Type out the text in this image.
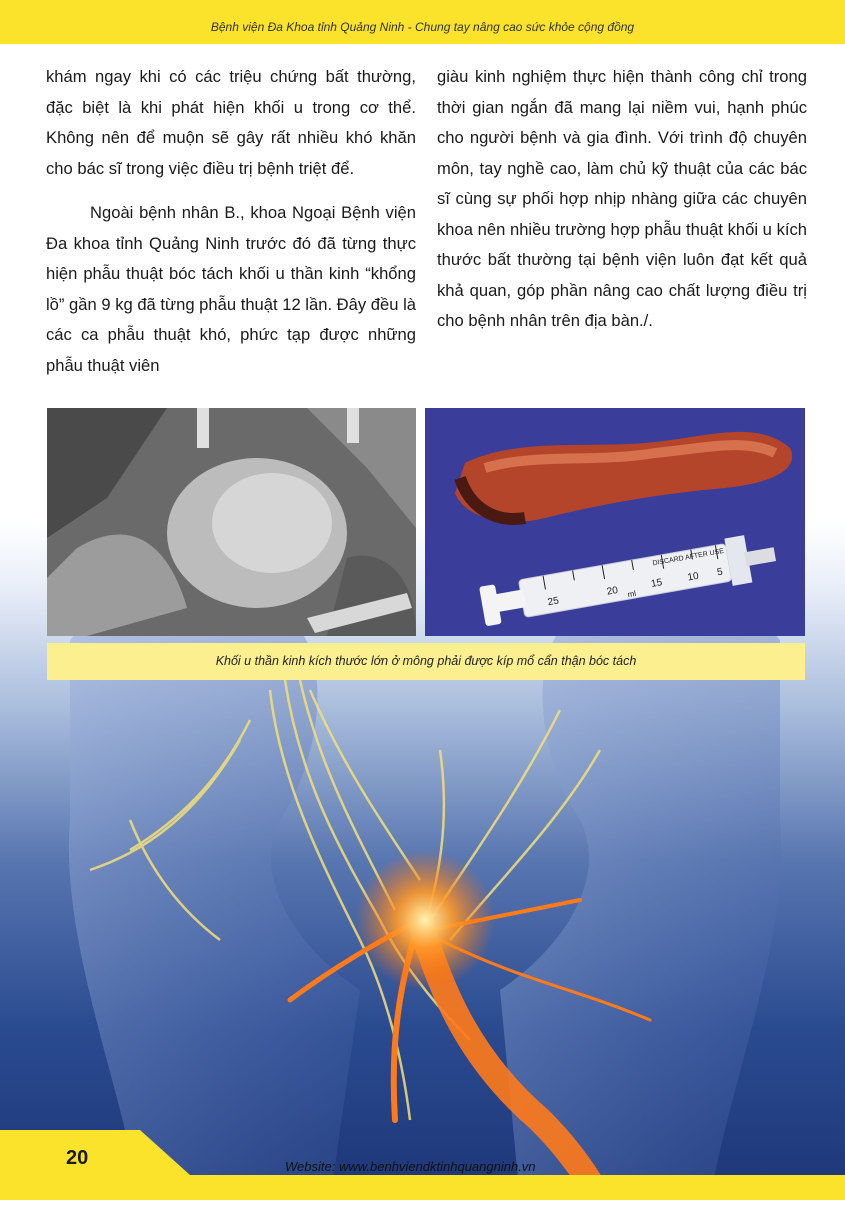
Bệnh viện Đa Khoa tỉnh Quảng Ninh - Chung tay nâng cao sức khỏe cộng đồng

khám ngay khi có các triệu chứng bất thường, đặc biệt là khi phát hiện khối u trong cơ thể. Không nên để muộn sẽ gây rất nhiều khó khăn cho bác sĩ trong việc điều trị bệnh triệt để.

Ngoài bệnh nhân B., khoa Ngoại Bệnh viện Đa khoa tỉnh Quảng Ninh trước đó đã từng thực hiện phẫu thuật bóc tách khối u thần kinh “khổng lồ” gần 9 kg đã từng phẫu thuật 12 lần. Đây đều là các ca phẫu thuật khó, phức tạp được những phẫu thuật viên

giàu kinh nghiệm thực hiện thành công chỉ trong thời gian ngắn đã mang lại niềm vui, hạnh phúc cho người bệnh và gia đình. Với trình độ chuyên môn, tay nghề cao, làm chủ kỹ thuật của các bác sĩ cùng sự phối hợp nhịp nhàng giữa các chuyên khoa nên nhiều trường hợp phẫu thuật khối u kích thước bất thường tại bệnh viện luôn đạt kết quả khả quan, góp phần nâng cao chất lượng điều trị cho bệnh nhân trên địa bàn./.

25
20
15
10 5
ml
DISCARD AFTER USE
Khối u thần kinh kích thước lớn ở mông phải được kíp mổ cẩn thận bóc tách
20	Website: www.benhviendktinhquangninh.vn
